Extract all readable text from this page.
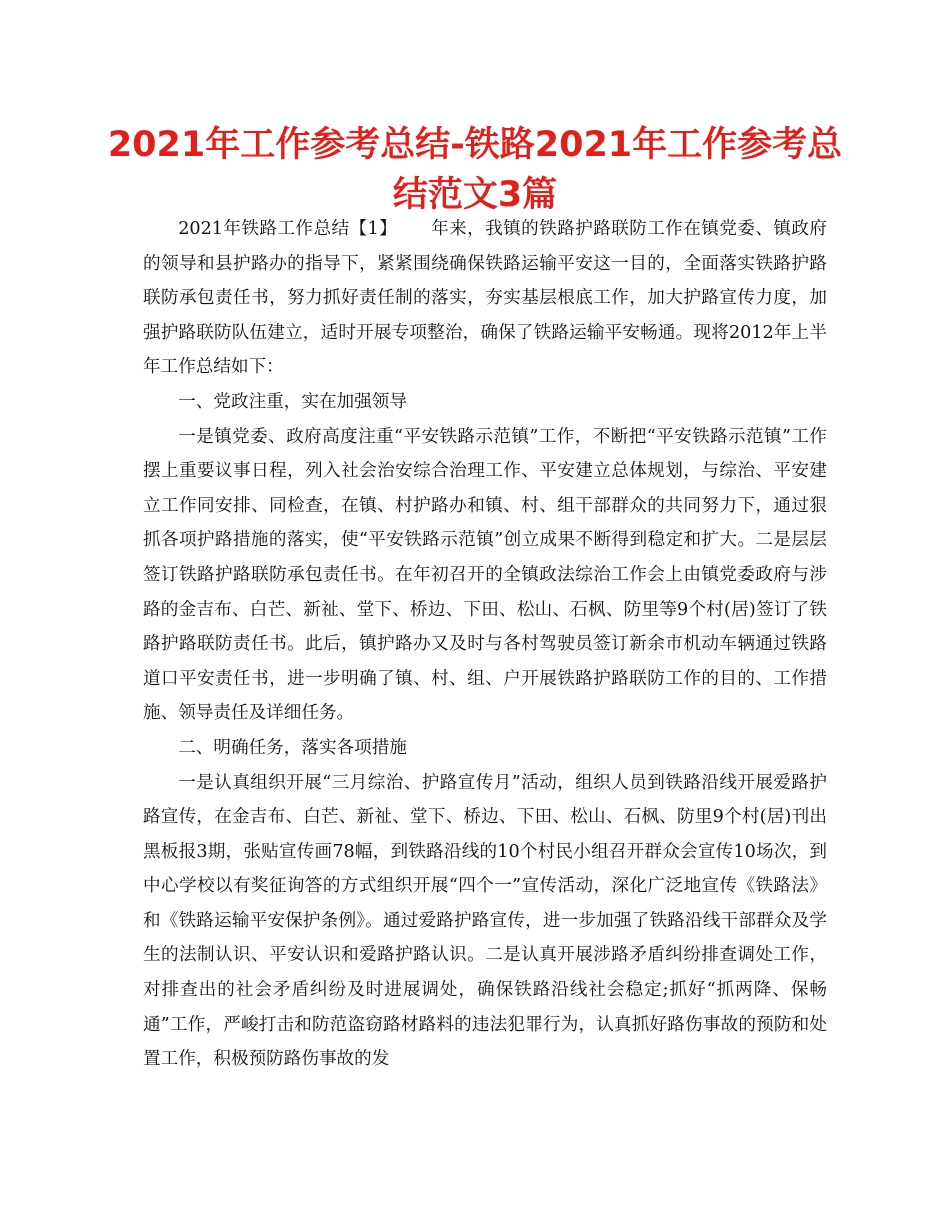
2021年工作参考总结-铁路2021年工作参考总
结范文3篇

2021年铁路工作总结【1】 年来，我镇的铁路护路联防工作在镇党委、镇政府的领导和县护路办的指导下，紧紧围绕确保铁路运输平安这一目的，全面落实铁路护路联防承包责任书，努力抓好责任制的落实，夯实基层根底工作，加大护路宣传力度，加强护路联防队伍建立，适时开展专项整治，确保了铁路运输平安畅通。现将2012年上半年工作总结如下：

一、党政注重，实在加强领导

一是镇党委、政府高度注重“平安铁路示范镇”工作，不断把“平安铁路示范镇”工作摆上重要议事日程，列入社会治安综合治理工作、平安建立总体规划，与综治、平安建立工作同安排、同检查，在镇、村护路办和镇、村、组干部群众的共同努力下，通过狠抓各项护路措施的落实，使“平安铁路示范镇”创立成果不断得到稳定和扩大。二是层层签订铁路护路联防承包责任书。在年初召开的全镇政法综治工作会上由镇党委政府与涉路的金吉布、白芒、新祉、堂下、桥边、下田、松山、石枫、防里等9个村(居)签订了铁路护路联防责任书。此后，镇护路办又及时与各村驾驶员签订新余市机动车辆通过铁路道口平安责任书，进一步明确了镇、村、组、户开展铁路护路联防工作的目的、工作措施、领导责任及详细任务。

二、明确任务，落实各项措施

一是认真组织开展“三月综治、护路宣传月”活动，组织人员到铁路沿线开展爱路护路宣传，在金吉布、白芒、新祉、堂下、桥边、下田、松山、石枫、防里9个村(居)刊出黑板报3期，张贴宣传画78幅，到铁路沿线的10个村民小组召开群众会宣传10场次，到中心学校以有奖征询答的方式组织开展“四个一”宣传活动，深化广泛地宣传《铁路法》和《铁路运输平安保护条例》。通过爱路护路宣传，进一步加强了铁路沿线干部群众及学生的法制认识、平安认识和爱路护路认识。二是认真开展涉路矛盾纠纷排查调处工作，对排查出的社会矛盾纠纷及时进展调处，确保铁路沿线社会稳定;抓好“抓两降、保畅通”工作，严峻打击和防范盗窃路材路料的违法犯罪行为，认真抓好路伤事故的预防和处置工作，积极预防路伤事故的发
